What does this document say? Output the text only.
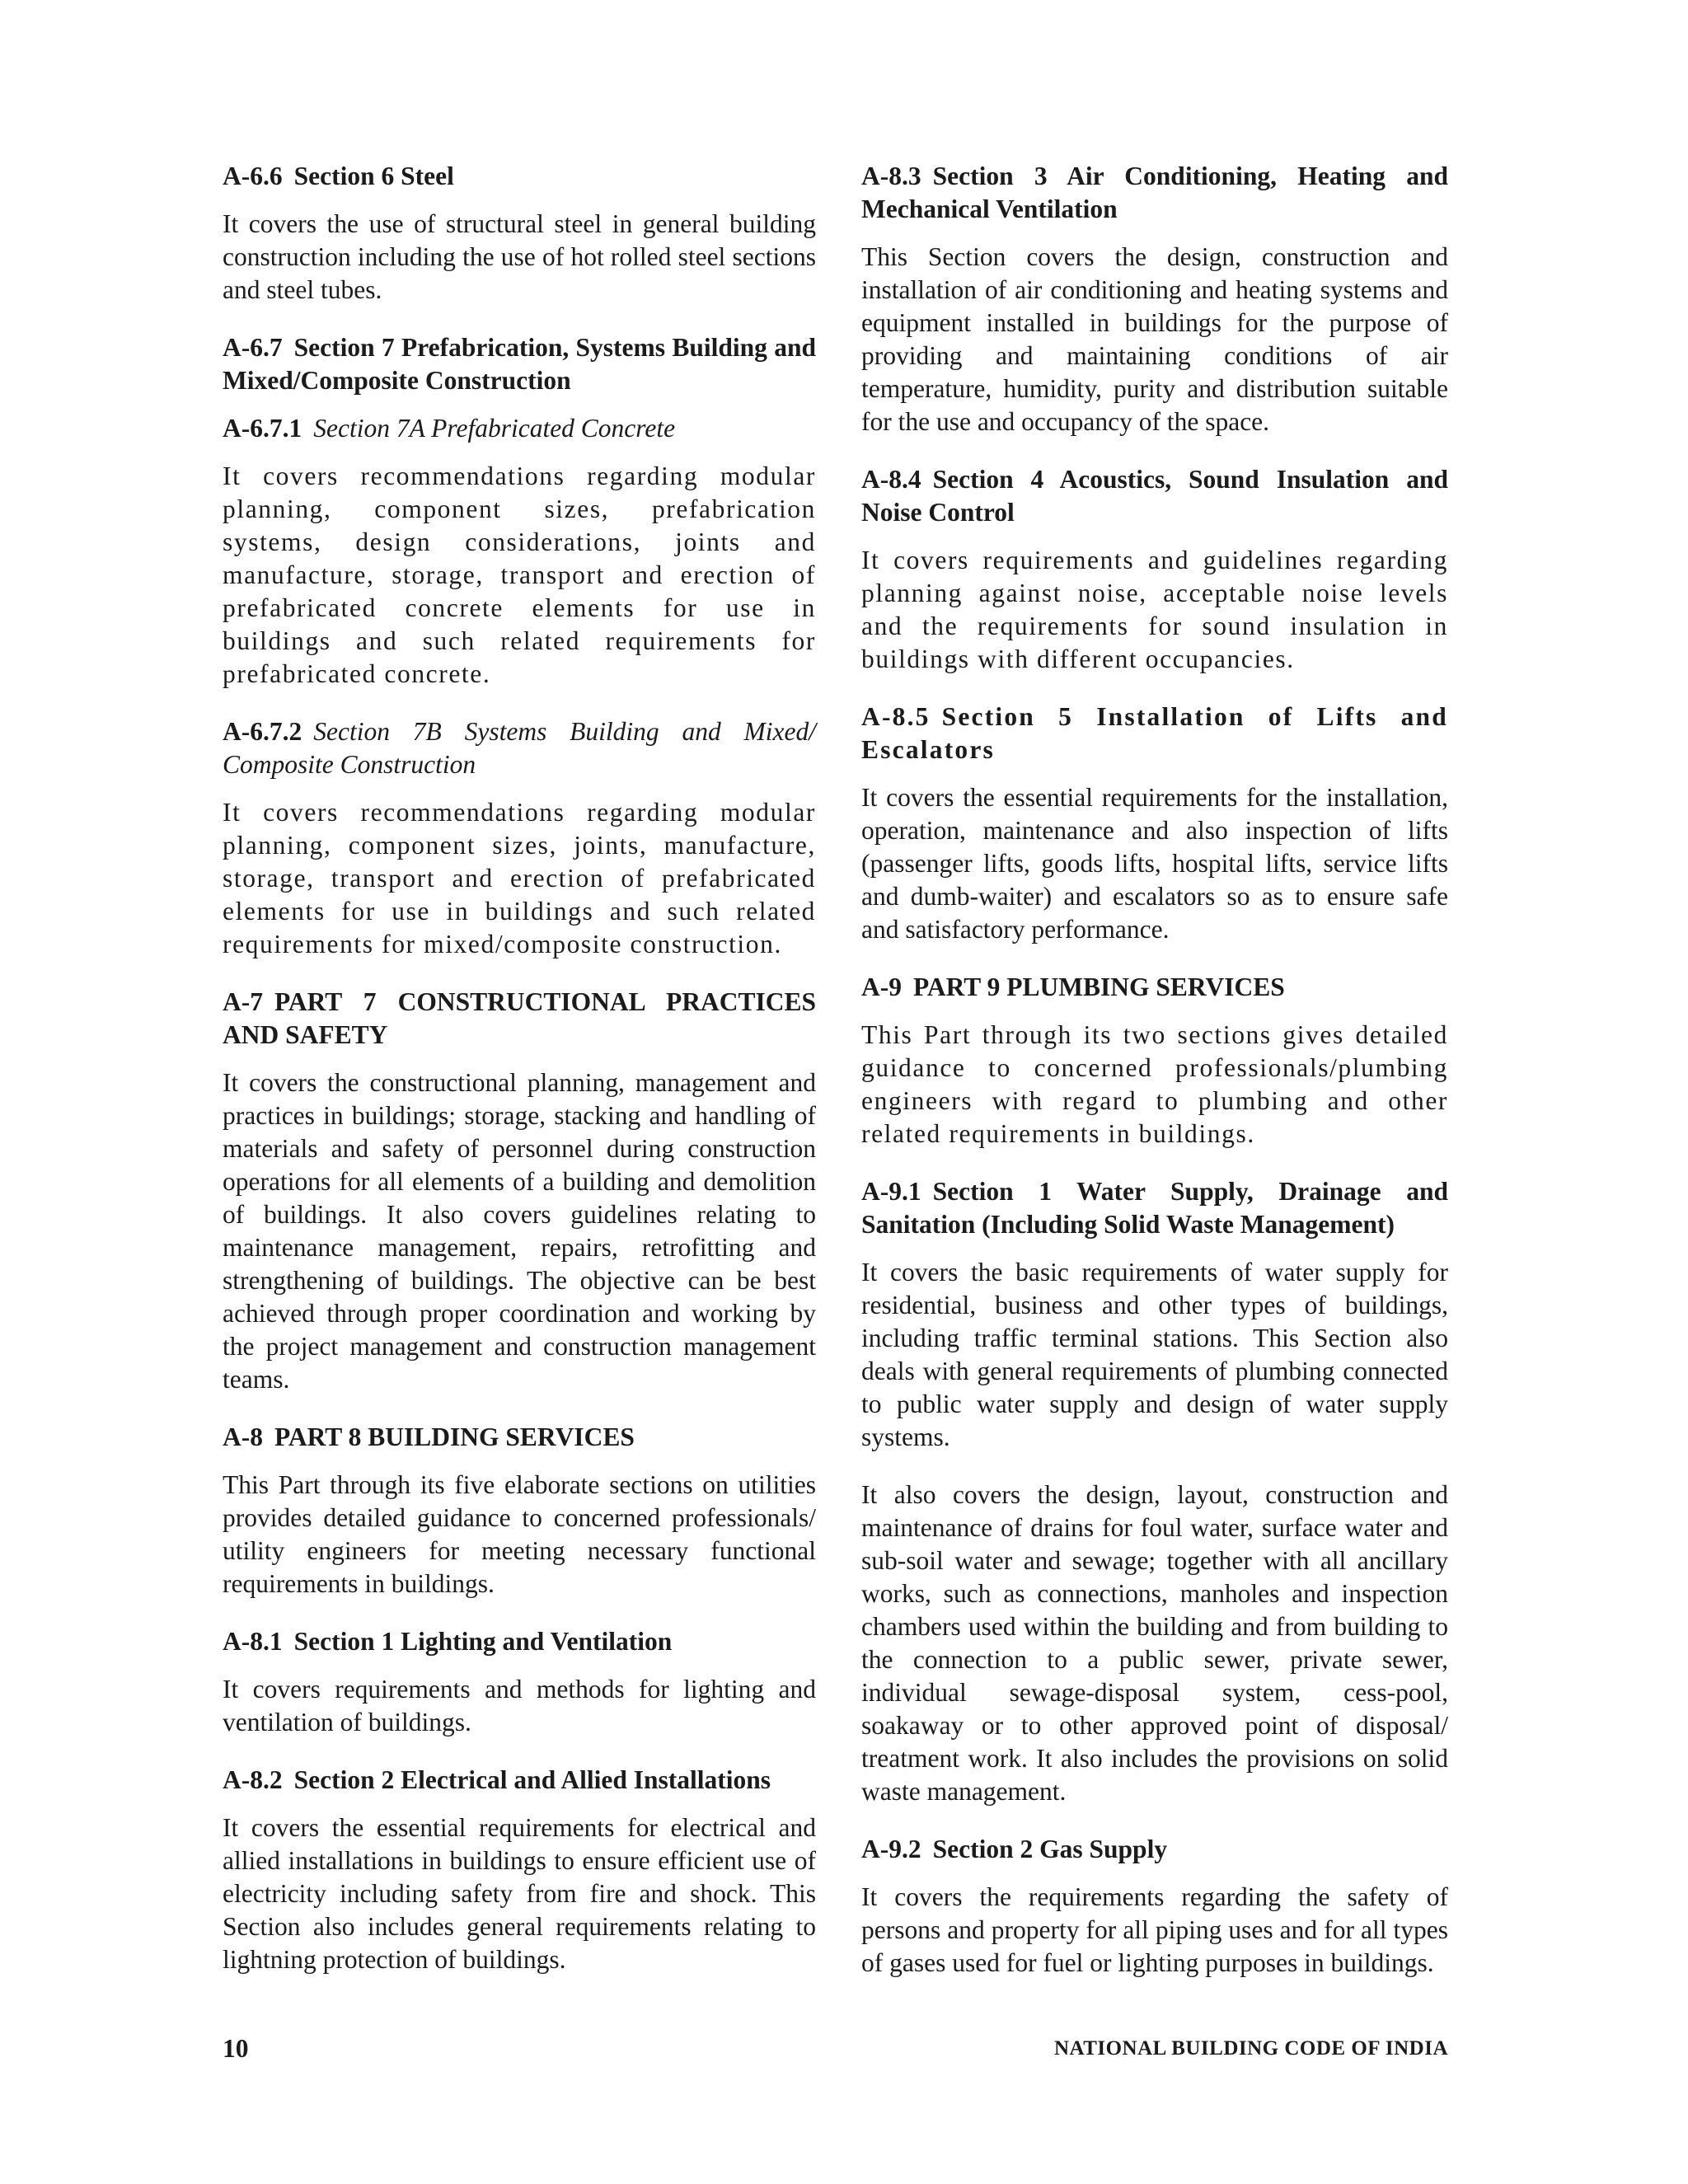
A-6.6 Section 6 Steel

It covers the use of structural steel in general building construction including the use of hot rolled steel sections and steel tubes.

A-6.7 Section 7 Prefabrication, Systems Building and Mixed/Composite Construction
A-6.7.1 Section 7A Prefabricated Concrete

It covers recommendations regarding modular planning, component sizes, prefabrication systems, design considerations, joints and manufacture, storage, transport and erection of prefabricated concrete elements for use in buildings and such related requirements for prefabricated concrete.

A-6.7.2 Section 7B Systems Building and Mixed/ Composite Construction

It covers recommendations regarding modular planning, component sizes, joints, manufacture, storage, transport and erection of prefabricated elements for use in buildings and such related requirements for mixed/composite construction.

A-7 PART 7 CONSTRUCTIONAL PRACTICES AND SAFETY

It covers the constructional planning, management and practices in buildings; storage, stacking and handling of materials and safety of personnel during construction operations for all elements of a building and demolition of buildings. It also covers guidelines relating to maintenance management, repairs, retrofitting and strengthening of buildings. The objective can be best achieved through proper coordination and working by the project management and construction management teams.

A-8 PART 8 BUILDING SERVICES

This Part through its five elaborate sections on utilities provides detailed guidance to concerned professionals/ utility engineers for meeting necessary functional requirements in buildings.

A-8.1 Section 1 Lighting and Ventilation

It covers requirements and methods for lighting and ventilation of buildings.

A-8.2 Section 2 Electrical and Allied Installations

It covers the essential requirements for electrical and allied installations in buildings to ensure efficient use of electricity including safety from fire and shock. This Section also includes general requirements relating to lightning protection of buildings.

A-8.3 Section 3 Air Conditioning, Heating and Mechanical Ventilation

This Section covers the design, construction and installation of air conditioning and heating systems and equipment installed in buildings for the purpose of providing and maintaining conditions of air temperature, humidity, purity and distribution suitable for the use and occupancy of the space.

A-8.4 Section 4 Acoustics, Sound Insulation and Noise Control

It covers requirements and guidelines regarding planning against noise, acceptable noise levels and the requirements for sound insulation in buildings with different occupancies.

A-8.5 Section 5 Installation of Lifts and Escalators

It covers the essential requirements for the installation, operation, maintenance and also inspection of lifts (passenger lifts, goods lifts, hospital lifts, service lifts and dumb-waiter) and escalators so as to ensure safe and satisfactory performance.

A-9 PART 9 PLUMBING SERVICES

This Part through its two sections gives detailed guidance to concerned professionals/plumbing engineers with regard to plumbing and other related requirements in buildings.

A-9.1 Section 1 Water Supply, Drainage and Sanitation (Including Solid Waste Management)

It covers the basic requirements of water supply for residential, business and other types of buildings, including traffic terminal stations. This Section also deals with general requirements of plumbing connected to public water supply and design of water supply systems.

It also covers the design, layout, construction and maintenance of drains for foul water, surface water and sub-soil water and sewage; together with all ancillary works, such as connections, manholes and inspection chambers used within the building and from building to the connection to a public sewer, private sewer, individual sewage-disposal system, cess-pool, soakaway or to other approved point of disposal/ treatment work. It also includes the provisions on solid waste management.

A-9.2 Section 2 Gas Supply

It covers the requirements regarding the safety of persons and property for all piping uses and for all types of gases used for fuel or lighting purposes in buildings.

10	NATIONAL BUILDING CODE OF INDIA
